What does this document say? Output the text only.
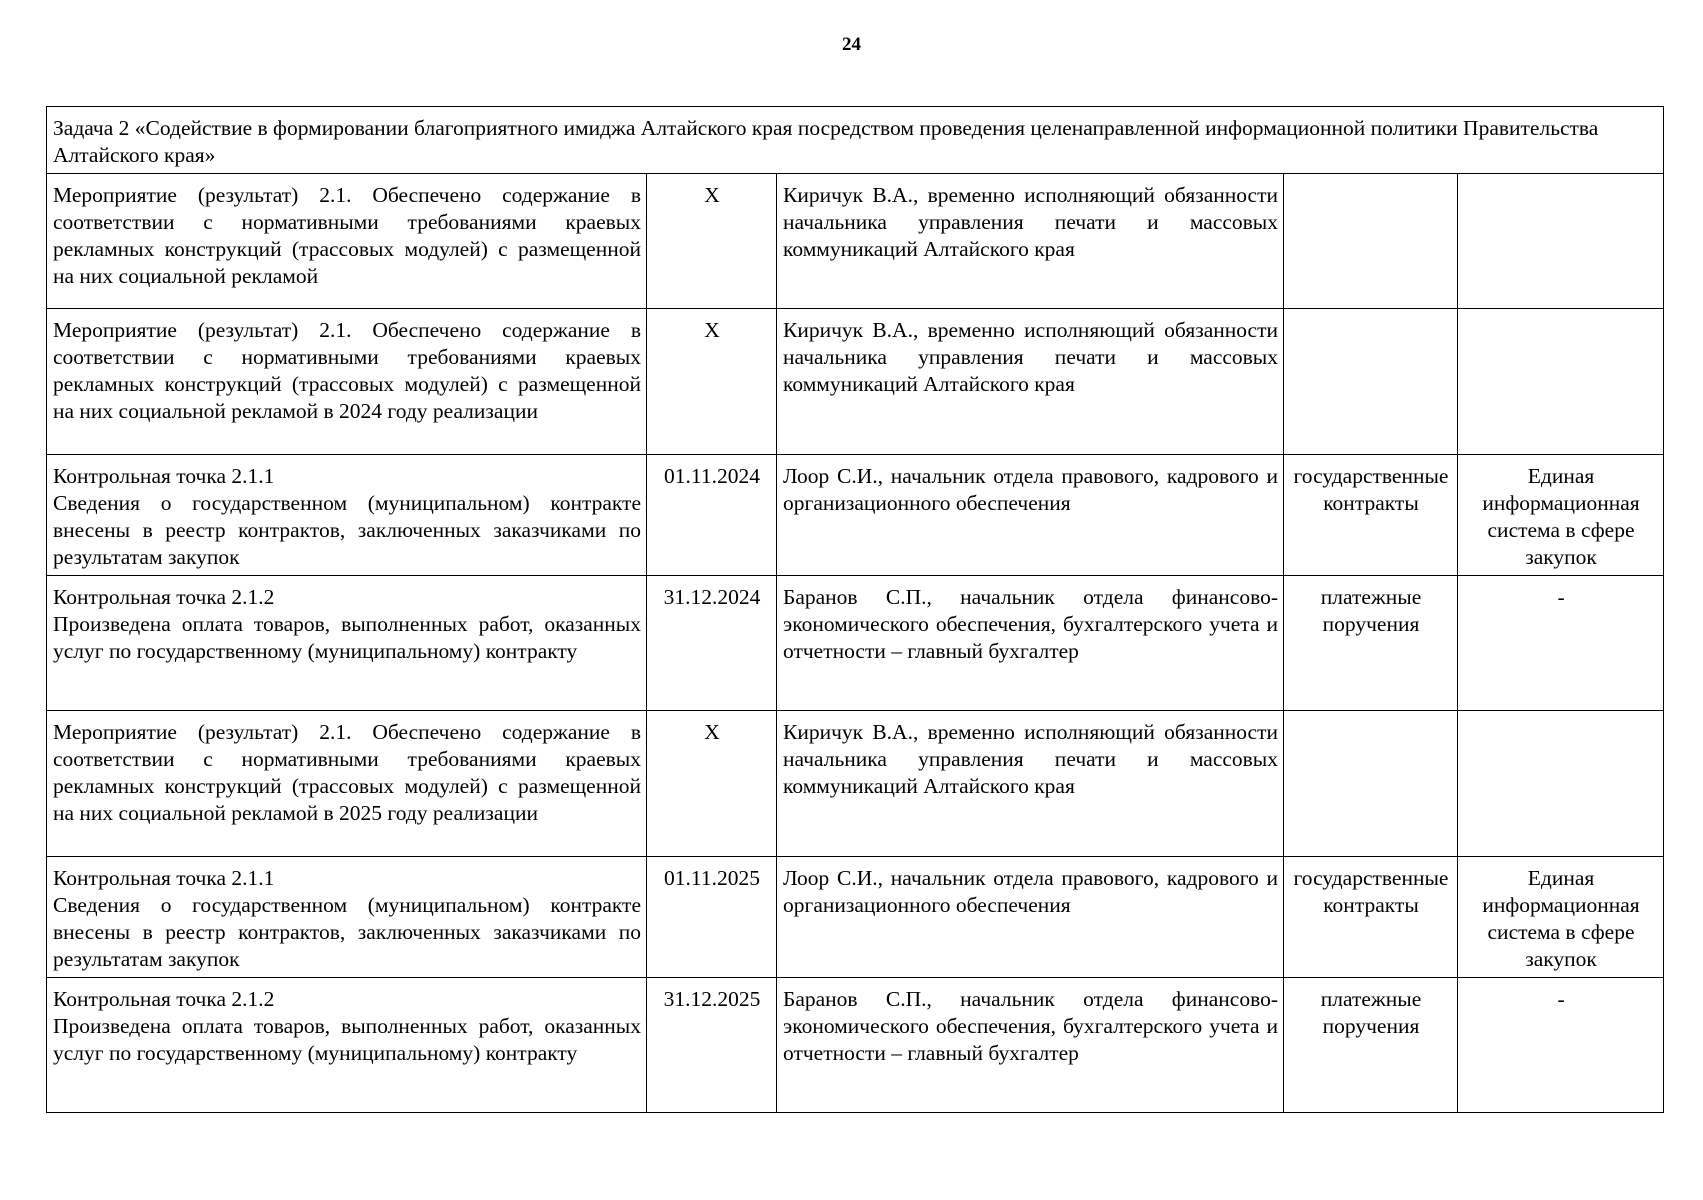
24
Задача 2 «Содействие в формировании благоприятного имиджа Алтайского края посредством проведения целенаправленной информационной политики Правительства Алтайского края»				
Мероприятие (результат) 2.1. Обеспечено содержание в соответствии с нормативными требованиями краевых рекламных конструкций (трассовых модулей) с размещенной на них социальной рекламой	X	Киричук В.А., временно исполняющий обязанности начальника управления печати и массовых коммуникаций Алтайского края		
Мероприятие (результат) 2.1. Обеспечено содержание в соответствии с нормативными требованиями краевых рекламных конструкций (трассовых модулей) с размещенной на них социальной рекламой в 2024 году реализации	X	Киричук В.А., временно исполняющий обязанности начальника управления печати и массовых коммуникаций Алтайского края		

Контрольная точка 2.1.1
Сведения о государственном (муниципальном) контракте внесены в реестр контрактов, заключенных заказчиками по результатам закупок	01.11.2024	Лоор С.И., начальник отдела правового, кадрового и организационного обеспечения	государственные контракты	Единая информационная система в сфере закупок

Контрольная точка 2.1.2
Произведена оплата товаров, выполненных работ, оказанных услуг по государственному (муниципальному) контракту	31.12.2024	Баранов С.П., начальник отдела финансово-экономического обеспечения, бухгалтерского учета и отчетности – главный бухгалтер	платежные поручения	-
Мероприятие (результат) 2.1. Обеспечено содержание в соответствии с нормативными требованиями краевых рекламных конструкций (трассовых модулей) с размещенной на них социальной рекламой в 2025 году реализации	X	Киричук В.А., временно исполняющий обязанности начальника управления печати и массовых коммуникаций Алтайского края		

Контрольная точка 2.1.1
Сведения о государственном (муниципальном) контракте внесены в реестр контрактов, заключенных заказчиками по результатам закупок	01.11.2025	Лоор С.И., начальник отдела правового, кадрового и организационного обеспечения	государственные контракты	Единая информационная система в сфере закупок

Контрольная точка 2.1.2
Произведена оплата товаров, выполненных работ, оказанных услуг по государственному (муниципальному) контракту	31.12.2025	Баранов С.П., начальник отдела финансово-экономического обеспечения, бухгалтерского учета и отчетности – главный бухгалтер	платежные поручения	-
